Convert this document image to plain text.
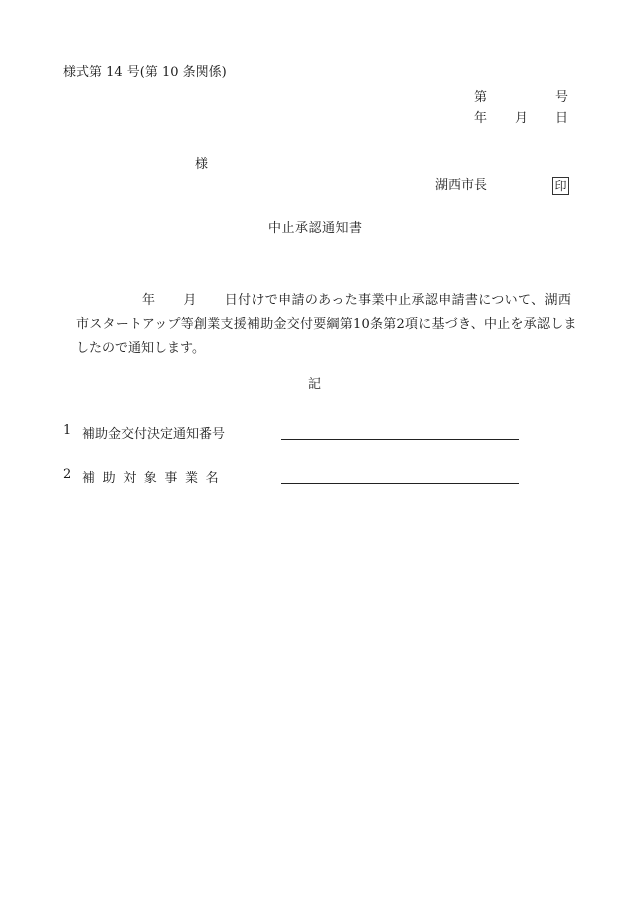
様式第 14 号(第 10 条関係)
第	号
年 月 日
様
湖西市長	印
中止承認通知書
年 月 日付けで申請のあった事業中止承認申請書について、湖西
市スタートアップ等創業支援補助金交付要綱第10条第2項に基づき、中止を承認しま
したので通知します。
記
1 補助金交付決定通知番号
2 補助対象事業名
